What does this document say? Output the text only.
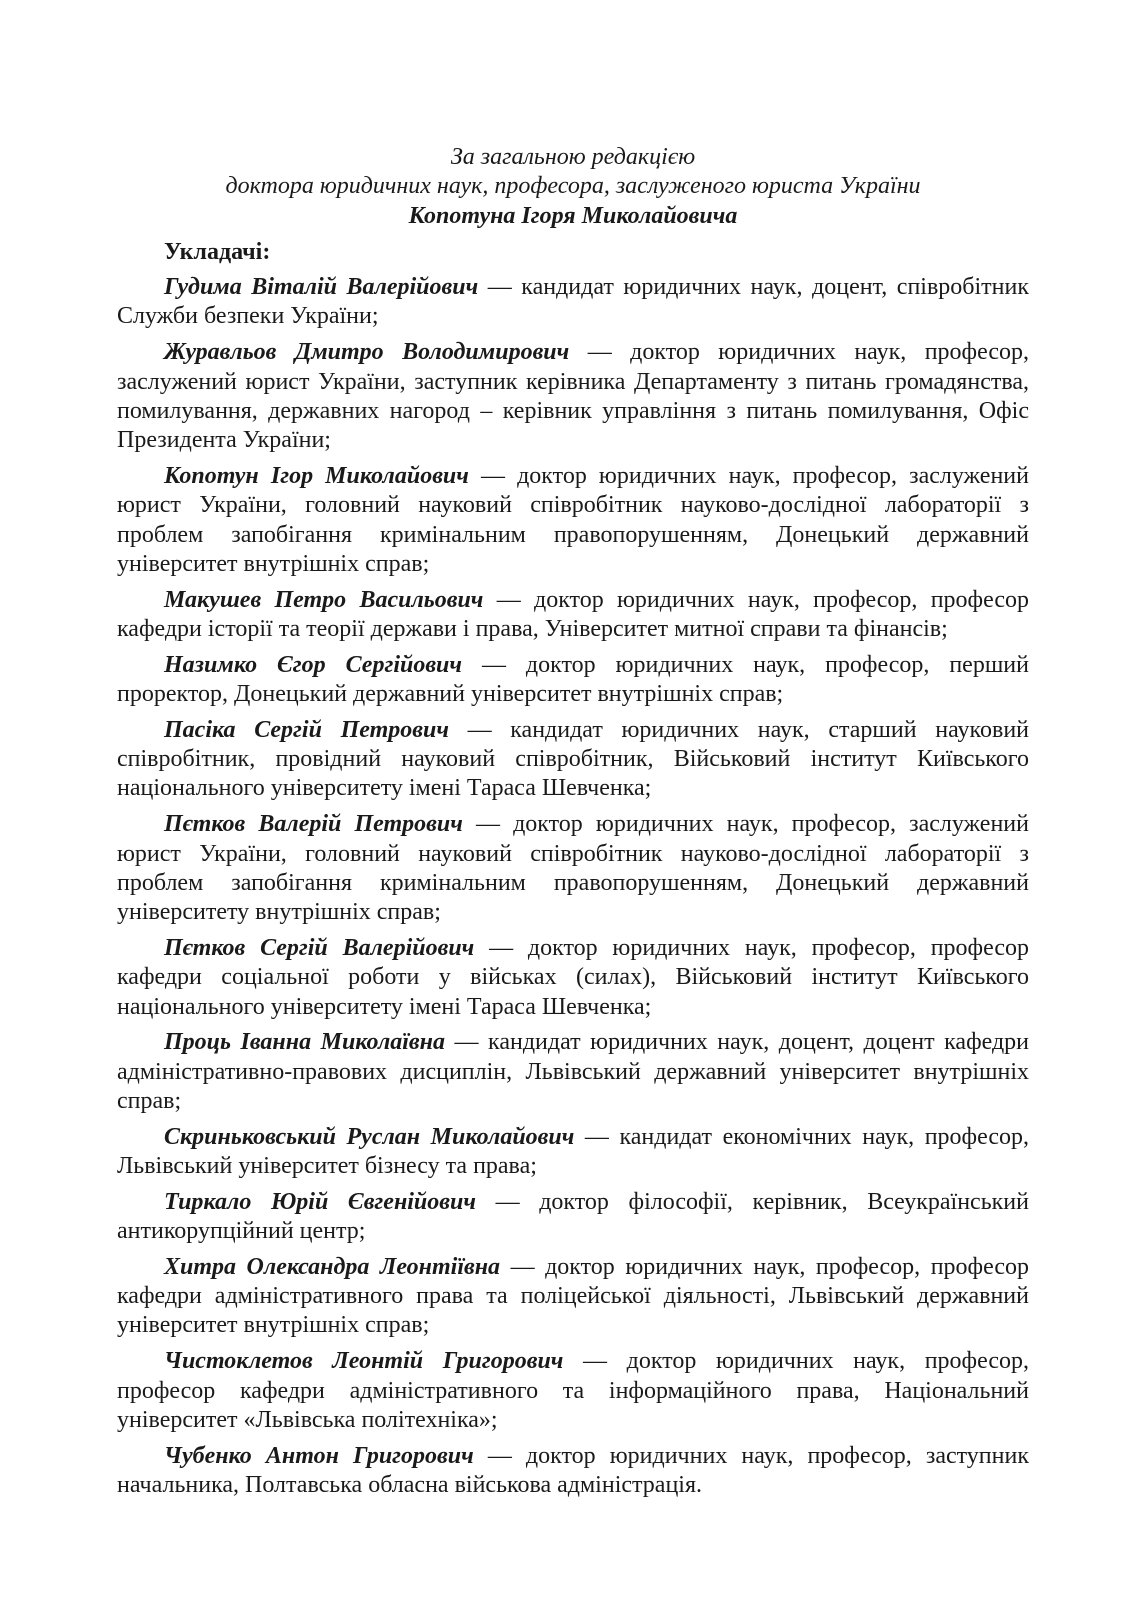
За загальною редакцією
доктора юридичних наук, професора, заслуженого юриста України
Копотуна Ігоря Миколайовича
Укладачі:

Гудима Віталій Валерійович — кандидат юридичних наук, доцент, співробітник Служби безпеки України;

Журавльов Дмитро Володимирович — доктор юридичних наук, професор, заслужений юрист України, заступник керівника Департаменту з питань громадянства, помилування, державних нагород – керівник управління з питань помилування, Офіс Президента України;

Копотун Ігор Миколайович — доктор юридичних наук, професор, заслужений юрист України, головний науковий співробітник науково-дослідної лабораторії з проблем запобігання кримінальним правопорушенням, Донецький державний університет внутрішніх справ;

Макушев Петро Васильович — доктор юридичних наук, професор, професор кафедри історії та теорії держави і права, Університет митної справи та фінансів;

Назимко Єгор Сергійович — доктор юридичних наук, професор, перший проректор, Донецький державний університет внутрішніх справ;

Пасіка Сергій Петрович — кандидат юридичних наук, старший науковий співробітник, провідний науковий співробітник, Військовий інститут Київського національного університету імені Тараса Шевченка;

Пєтков Валерій Петрович — доктор юридичних наук, професор, заслужений юрист України, головний науковий співробітник науково-дослідної лабораторії з проблем запобігання кримінальним правопорушенням, Донецький державний університету внутрішніх справ;

Пєтков Сергій Валерійович — доктор юридичних наук, професор, професор кафедри соціальної роботи у військах (силах), Військовий інститут Київського національного університету імені Тараса Шевченка;

Проць Іванна Миколаївна — кандидат юридичних наук, доцент, доцент кафедри адміністративно-правових дисциплін, Львівський державний університет внутрішніх справ;

Скриньковський Руслан Миколайович — кандидат економічних наук, професор, Львівський університет бізнесу та права;

Тиркало Юрій Євгенійович — доктор філософії, керівник, Всеукраїнський антикорупційний центр;

Хитра Олександра Леонтіївна — доктор юридичних наук, професор, професор кафедри адміністративного права та поліцейської діяльності, Львівський державний університет внутрішніх справ;

Чистоклетов Леонтій Григорович — доктор юридичних наук, професор, професор кафедри адміністративного та інформаційного права, Національний університет «Львівська політехніка»;

Чубенко Антон Григорович — доктор юридичних наук, професор, заступник начальника, Полтавська обласна військова адміністрація.
